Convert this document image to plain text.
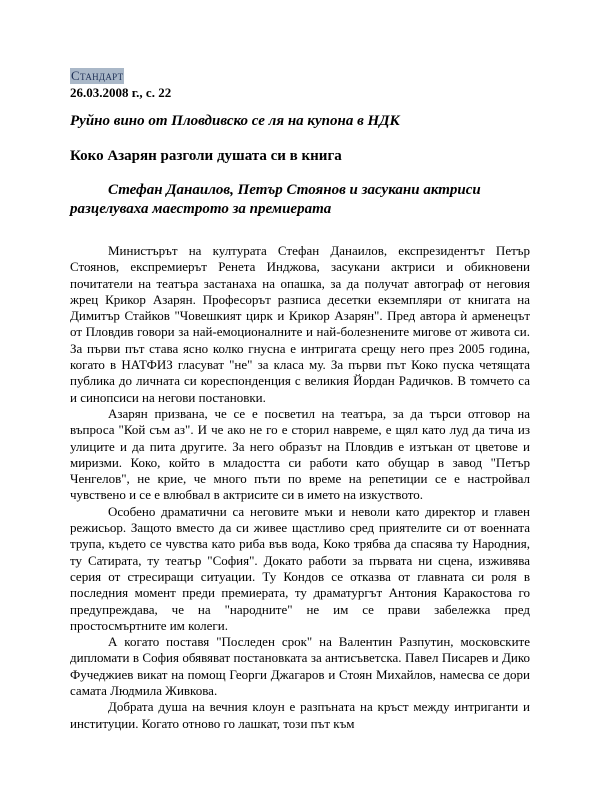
Стандарт
26.03.2008 г., с. 22
Руйно вино от Пловдивско се ля на купона в НДК
Коко Азарян разголи душата си в книга
Стефан Данаилов, Петър Стоянов и засукани актриси разцелуваха маестрото за премиерата

Министърът на културата Стефан Данаилов, експрезидентът Петър Стоянов, експремиерът Ренета Инджова, засукани актриси и обикновени почитатели на театъра застанаха на опашка, за да получат автограф от неговия жрец Крикор Азарян. Професорът разписа десетки екземпляри от книгата на Димитър Стайков "Човешкият цирк и Крикор Азарян". Пред автора ѝ арменецът от Пловдив говори за най-емоционалните и най-болезнените мигове от живота си. За първи път става ясно колко гнусна е интригата срещу него през 2005 година, когато в НАТФИЗ гласуват "не" за класа му. За първи път Коко пуска четящата публика до личната си кореспонденция с великия Йордан Радичков. В томчето са и синопсиси на негови постановки.

Азарян призвана, че се е посветил на театъра, за да търси отговор на въпроса "Кой съм аз". И че ако не го е сторил навреме, е щял като луд да тича из улиците и да пита другите. За него образът на Пловдив е изтъкан от цветове и миризми. Коко, който в младостта си работи като обущар в завод "Петър Ченгелов", не крие, че много пъти по време на репетиции се е настройвал чувствено и се е влюбвал в актрисите си в името на изкуството.

Особено драматични са неговите мъки и неволи като директор и главен режисьор. Защото вместо да си живее щастливо сред приятелите си от военната трупа, където се чувства като риба във вода, Коко трябва да спасява ту Народния, ту Сатирата, ту театър "София". Докато работи за първата ни сцена, изживява серия от стресиращи ситуации. Ту Кондов се отказва от главната си роля в последния момент преди премиерата, ту драматургът Антония Каракостова го предупреждава, че на "народните" не им се прави забележка пред простосмъртните им колеги.

А когато поставя "Последен срок" на Валентин Разпутин, московските дипломати в София обявяват постановката за антисъветска. Павел Писарев и Дико Фучеджиев викат на помощ Георги Джагаров и Стоян Михайлов, намесва се дори самата Людмила Живкова.

Добрата душа на вечния клоун е разпъната на кръст между интриганти и институции. Когато отново го лашкат, този път към
